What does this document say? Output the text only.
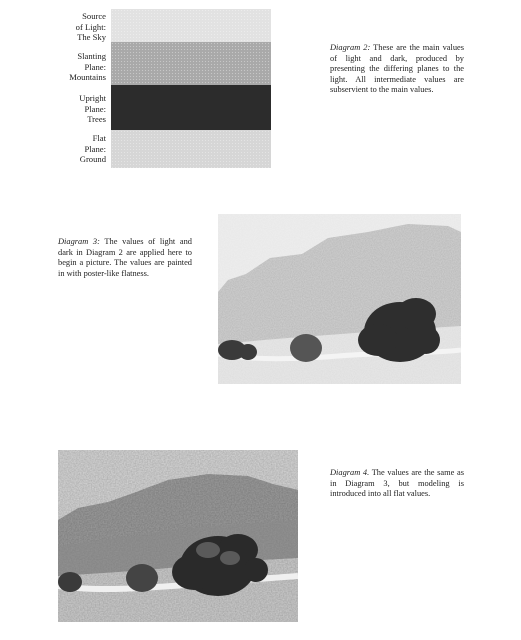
Source
of Light:
The Sky
Slanting
Plane:
Mountains
Upright
Plane:
Trees
Flat
Plane:
Ground
Diagram 2: These are the main values of light and dark, produced by presenting the differing planes to the light. All intermediate values are subservient to the main values.
Diagram 3: The values of light and dark in Diagram 2 are applied here to begin a picture. The values are painted in with poster-like flatness.
Diagram 4. The values are the same as in Diagram 3, but modeling is introduced into all flat values.
